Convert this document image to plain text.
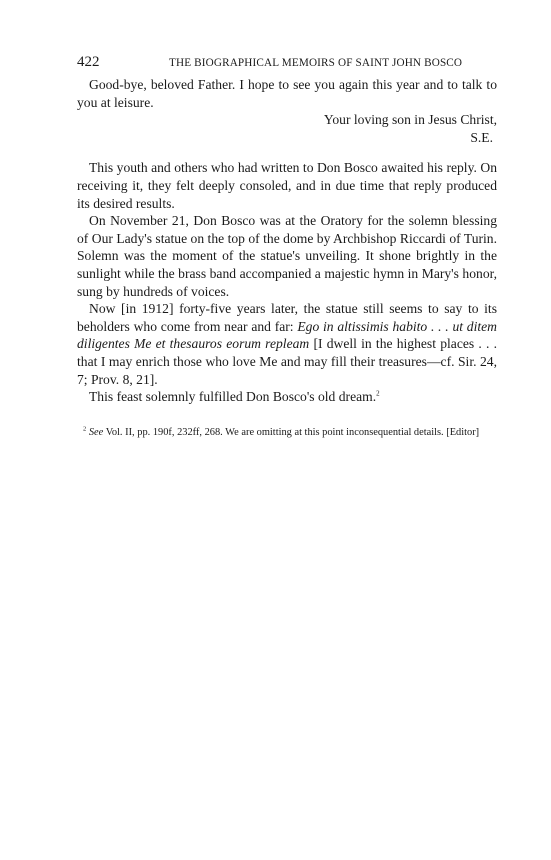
422	THE BIOGRAPHICAL MEMOIRS OF SAINT JOHN BOSCO

Good-bye, beloved Father. I hope to see you again this year and to talk to you at leisure.

Your loving son in Jesus Christ,
S.E.

This youth and others who had written to Don Bosco awaited his reply. On receiving it, they felt deeply consoled, and in due time that reply produced its desired results.

On November 21, Don Bosco was at the Oratory for the solemn blessing of Our Lady's statue on the top of the dome by Archbishop Riccardi of Turin. Solemn was the moment of the statue's unveiling. It shone brightly in the sunlight while the brass band accompanied a majestic hymn in Mary's honor, sung by hundreds of voices.

Now [in 1912] forty-five years later, the statue still seems to say to its beholders who come from near and far: Ego in altissimis habito . . . ut ditem diligentes Me et thesauros eorum repleam [I dwell in the highest places . . . that I may enrich those who love Me and may fill their treasures—cf. Sir. 24, 7; Prov. 8, 21].

This feast solemnly fulfilled Don Bosco's old dream.$^2$

$^2$ See Vol. II, pp. 190f, 232ff, 268. We are omitting at this point inconsequential details. [Editor]
